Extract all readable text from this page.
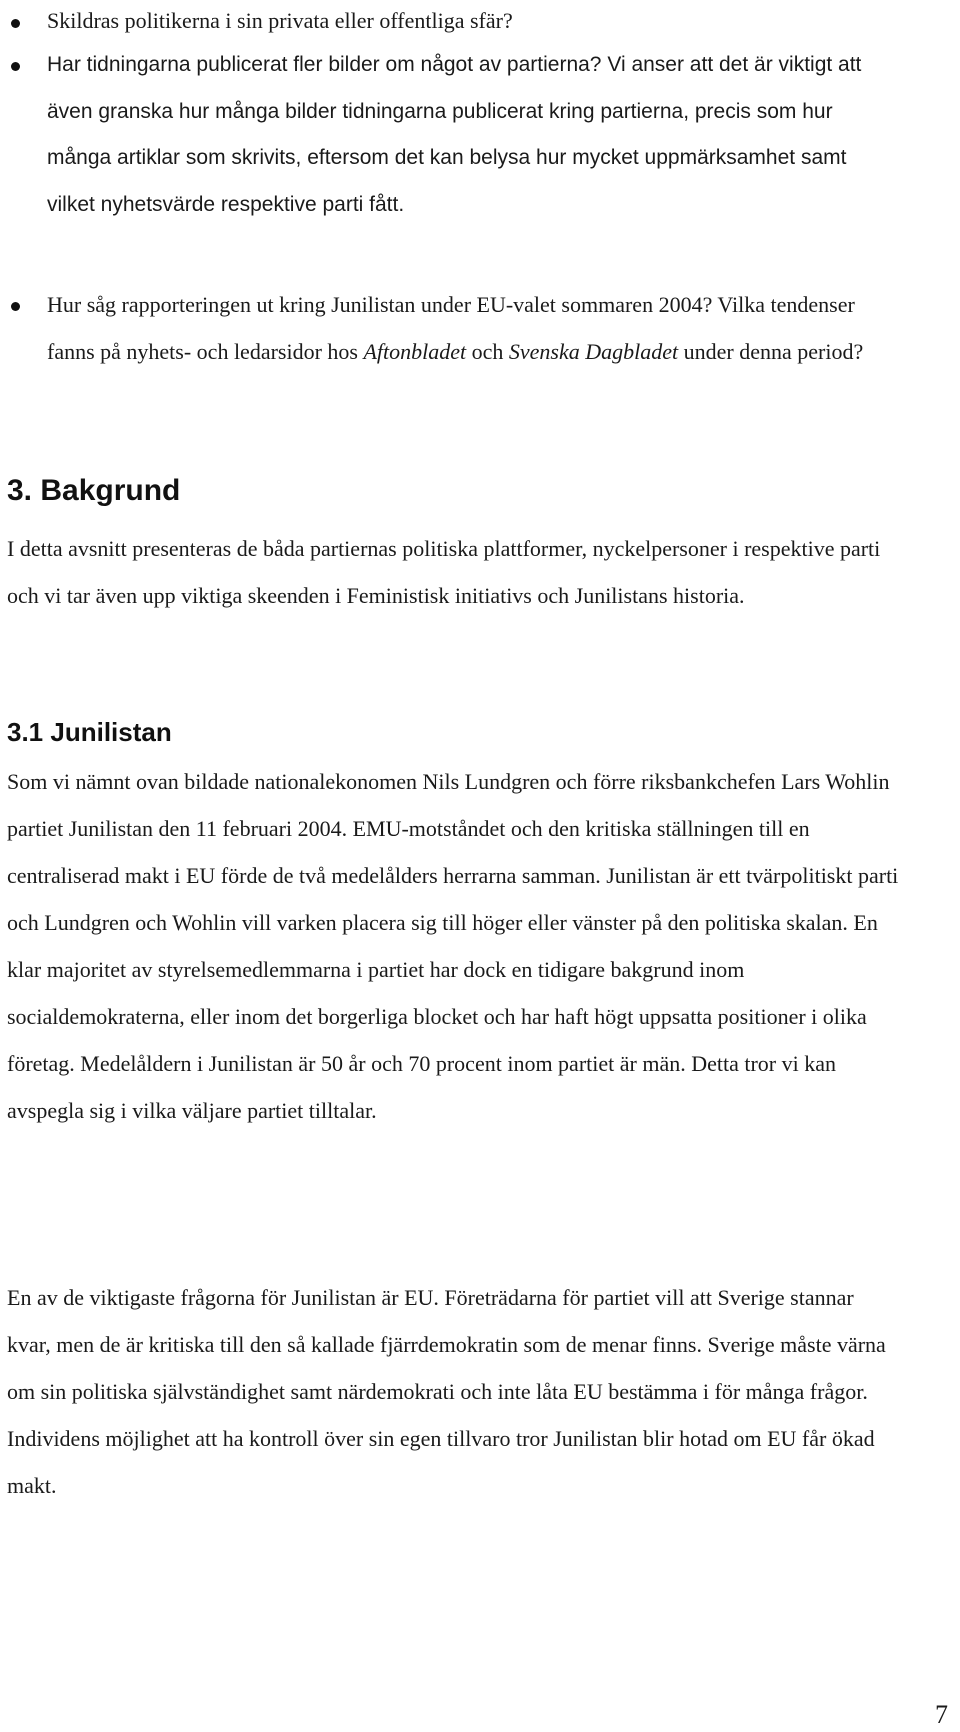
Skildras politikerna i sin privata eller offentliga sfär?
Har tidningarna publicerat fler bilder om något av partierna? Vi anser att det är viktigt att även granska hur många bilder tidningarna publicerat kring partierna, precis som hur många artiklar som skrivits, eftersom det kan belysa hur mycket uppmärksamhet samt vilket nyhetsvärde respektive parti fått.
Hur såg rapporteringen ut kring Junilistan under EU-valet sommaren 2004? Vilka tendenser fanns på nyhets- och ledarsidor hos Aftonbladet och Svenska Dagbladet under denna period?
3. Bakgrund
I detta avsnitt presenteras de båda partiernas politiska plattformer, nyckelpersoner i respektive parti och vi tar även upp viktiga skeenden i Feministisk initiativs och Junilistans historia.
3.1 Junilistan
Som vi nämnt ovan bildade nationalekonomen Nils Lundgren och förre riksbankchefen Lars Wohlin partiet Junilistan den 11 februari 2004. EMU-motståndet och den kritiska ställningen till en centraliserad makt i EU förde de två medelålders herrarna samman. Junilistan är ett tvärpolitiskt parti och Lundgren och Wohlin vill varken placera sig till höger eller vänster på den politiska skalan. En klar majoritet av styrelsemedlemmarna i partiet har dock en tidigare bakgrund inom socialdemokraterna, eller inom det borgerliga blocket och har haft högt uppsatta positioner i olika företag. Medelåldern i Junilistan är 50 år och 70 procent inom partiet är män. Detta tror vi kan avspegla sig i vilka väljare partiet tilltalar.
En av de viktigaste frågorna för Junilistan är EU. Företrädarna för partiet vill att Sverige stannar kvar, men de är kritiska till den så kallade fjärrdemokratin som de menar finns. Sverige måste värna om sin politiska självständighet samt närdemokrati och inte låta EU bestämma i för många frågor. Individens möjlighet att ha kontroll över sin egen tillvaro tror Junilistan blir hotad om EU får ökad makt.
7
